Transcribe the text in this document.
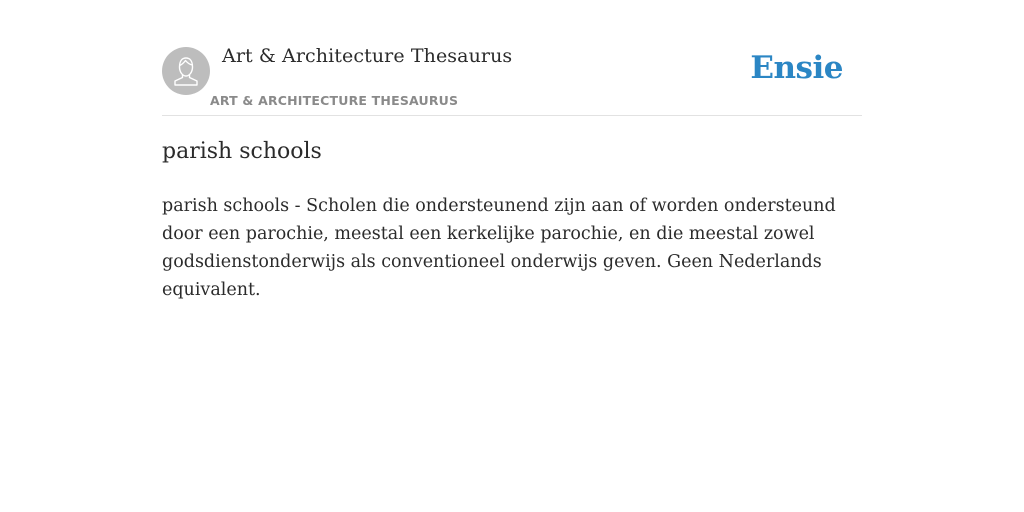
Art & Architecture Thesaurus
ART & ARCHITECTURE THESAURUS
Ensie
parish schools

parish schools - Scholen die ondersteunend zijn aan of worden ondersteund door een parochie, meestal een kerkelijke parochie, en die meestal zowel godsdienstonderwijs als conventioneel onderwijs geven. Geen Nederlands equivalent.
